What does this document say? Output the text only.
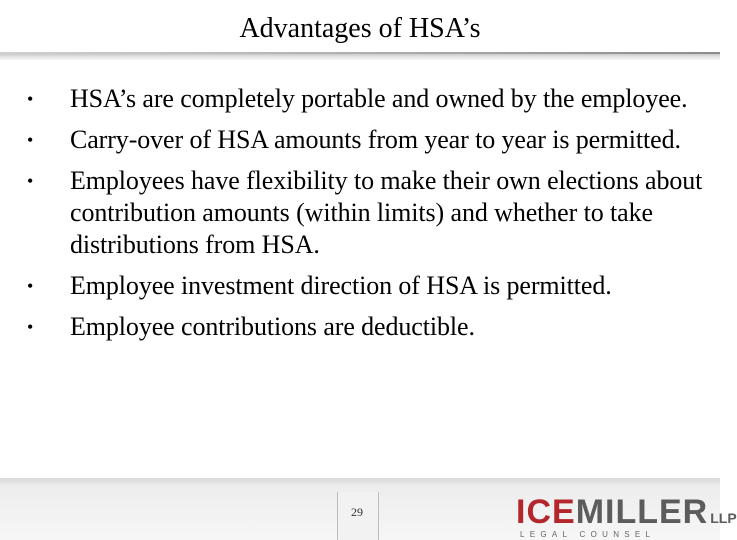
Advantages of HSA’s
• HSA’s are completely portable and owned by the employee.
• Carry-over of HSA amounts from year to year is permitted.
• Employees have flexibility to make their own elections about contribution amounts (within limits) and whether to take distributions from HSA.
• Employee investment direction of HSA is permitted.
• Employee contributions are deductible.
29	ICEMILLER LLP
LEGAL COUNSEL
